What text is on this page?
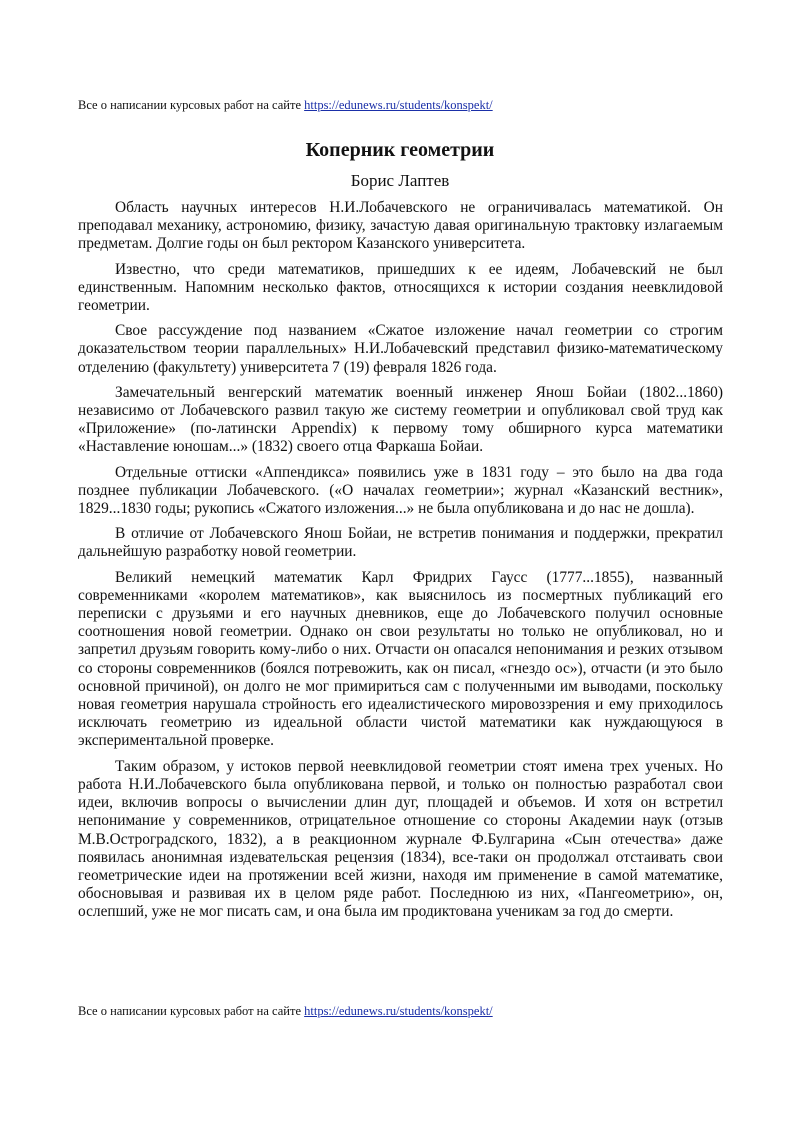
Все о написании курсовых работ на сайте https://edunews.ru/students/konspekt/
Коперник геометрии
Борис Лаптев

Область научных интересов Н.И.Лобачевского не ограничивалась математикой. Он преподавал механику, астрономию, физику, зачастую давая оригинальную трактовку излагаемым предметам. Долгие годы он был ректором Казанского университета.

Известно, что среди математиков, пришедших к ее идеям, Лобачевский не был единственным. Напомним несколько фактов, относящихся к истории создания неевклидовой геометрии.

Свое рассуждение под названием «Сжатое изложение начал геометрии со строгим доказательством теории параллельных» Н.И.Лобачевский представил физико-математическому отделению (факультету) университета 7 (19) февраля 1826 года.

Замечательный венгерский математик военный инженер Янош Бойаи (1802...1860) независимо от Лобачевского развил такую же систему геометрии и опубликовал свой труд как «Приложение» (по-латински Appendix) к первому тому обширного курса математики «Наставление юношам...» (1832) своего отца Фаркаша Бойаи.

Отдельные оттиски «Аппендикса» появились уже в 1831 году – это было на два года позднее публикации Лобачевского. («О началах геометрии»; журнал «Казанский вестник», 1829...1830 годы; рукопись «Сжатого изложения...» не была опубликована и до нас не дошла).

В отличие от Лобачевского Янош Бойаи, не встретив понимания и поддержки, прекратил дальнейшую разработку новой геометрии.

Великий немецкий математик Карл Фридрих Гаусс (1777...1855), названный современниками «королем математиков», как выяснилось из посмертных публикаций его переписки с друзьями и его научных дневников, еще до Лобачевского получил основные соотношения новой геометрии. Однако он свои результаты но только не опубликовал, но и запретил друзьям говорить кому-либо о них. Отчасти он опасался непонимания и резких отзывом со стороны современников (боялся потревожить, как он писал, «гнездо ос»), отчасти (и это было основной причиной), он долго не мог примириться сам с полученными им выводами, поскольку новая геометрия нарушала стройность его идеалистического мировоззрения и ему приходилось исключать геометрию из идеальной области чистой математики как нуждающуюся в экспериментальной проверке.

Таким образом, у истоков первой неевклидовой геометрии стоят имена трех ученых. Но работа Н.И.Лобачевского была опубликована первой, и только он полностью разработал свои идеи, включив вопросы о вычислении длин дуг, площадей и объемов. И хотя он встретил непонимание у современников, отрицательное отношение со стороны Академии наук (отзыв М.В.Остроградского, 1832), а в реакционном журнале Ф.Булгарина «Сын отечества» даже появилась анонимная издевательская рецензия (1834), все-таки он продолжал отстаивать свои геометрические идеи на протяжении всей жизни, находя им применение в самой математике, обосновывая и развивая их в целом ряде работ. Последнюю из них, «Пангеометрию», он, ослепший, уже не мог писать сам, и она была им продиктована ученикам за год до смерти.

Все о написании курсовых работ на сайте https://edunews.ru/students/konspekt/
